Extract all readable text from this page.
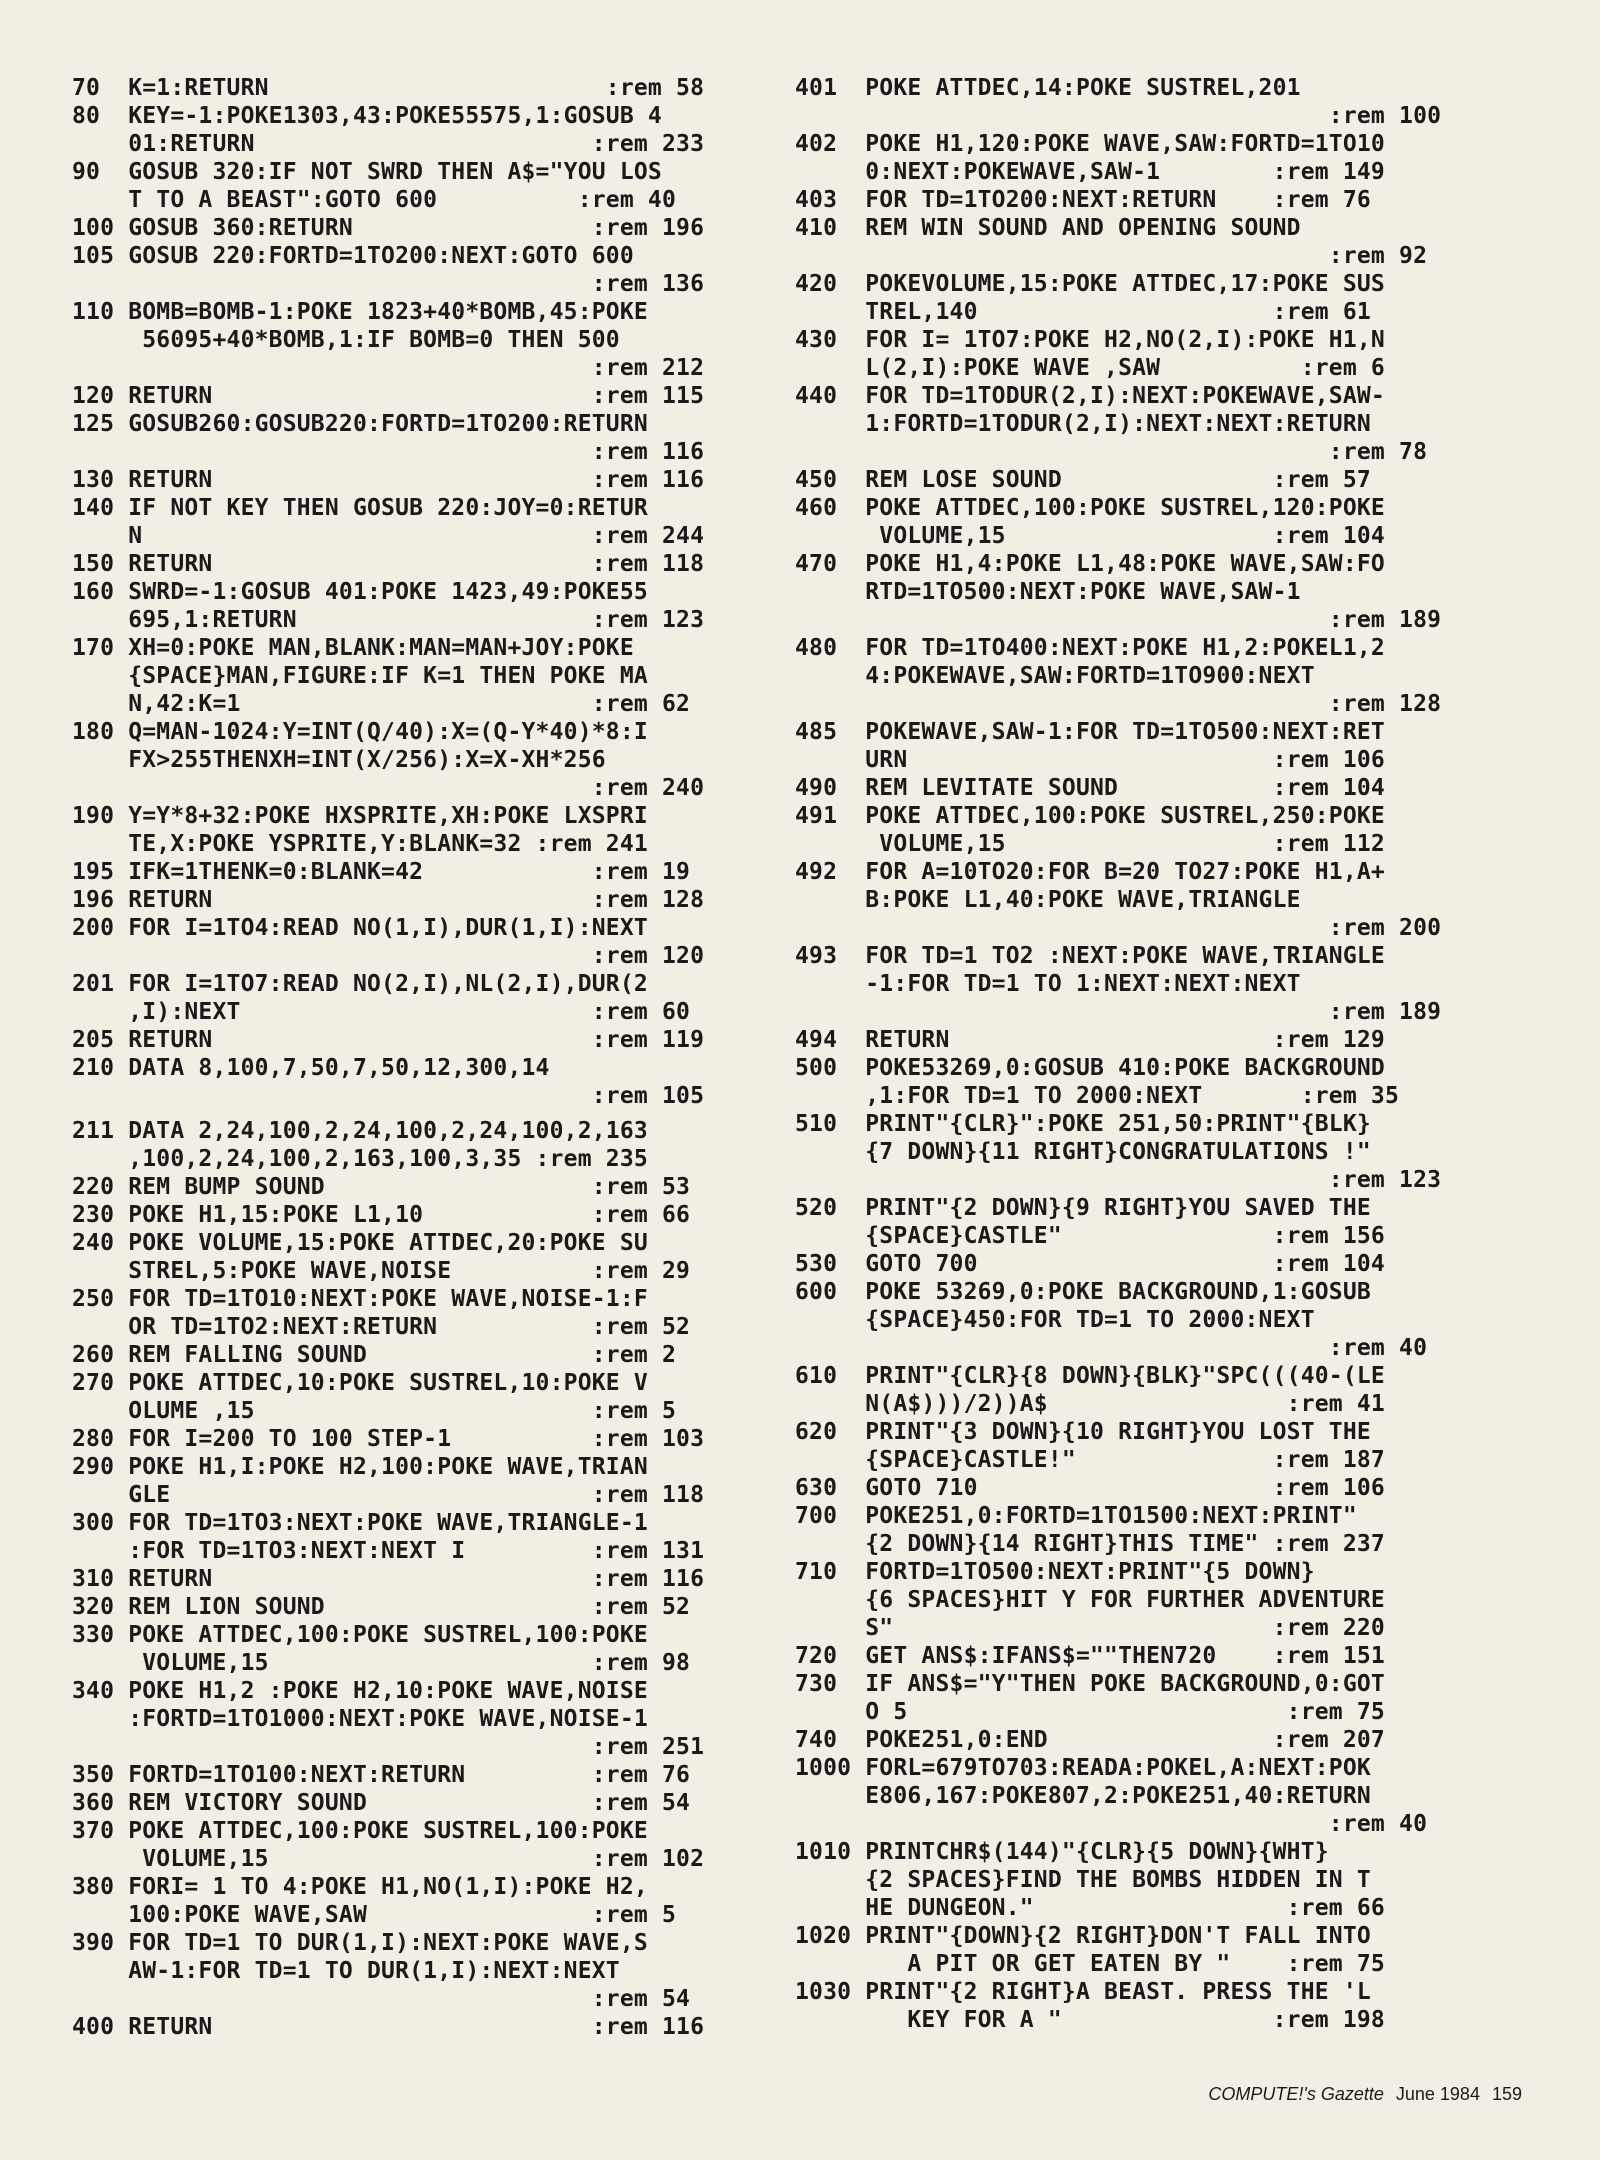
70  K=1:RETURN                        :rem 58
80  KEY=-1:POKE1303,43:POKE55575,1:GOSUB 4
01:RETURN                        :rem 233
90  GOSUB 320:IF NOT SWRD THEN A$="YOU LOS
T TO A BEAST":GOTO 600          :rem 40
100 GOSUB 360:RETURN                 :rem 196
105 GOSUB 220:FORTD=1TO200:NEXT:GOTO 600
:rem 136
110 BOMB=BOMB-1:POKE 1823+40*BOMB,45:POKE
56095+40*BOMB,1:IF BOMB=0 THEN 500
:rem 212
120 RETURN                           :rem 115
125 GOSUB260:GOSUB220:FORTD=1TO200:RETURN
:rem 116
130 RETURN                           :rem 116
140 IF NOT KEY THEN GOSUB 220:JOY=0:RETUR
N                                :rem 244
150 RETURN                           :rem 118
160 SWRD=-1:GOSUB 401:POKE 1423,49:POKE55
695,1:RETURN                     :rem 123
170 XH=0:POKE MAN,BLANK:MAN=MAN+JOY:POKE
{SPACE}MAN,FIGURE:IF K=1 THEN POKE MA
N,42:K=1                         :rem 62
180 Q=MAN-1024:Y=INT(Q/40):X=(Q-Y*40)*8:I
FX>255THENXH=INT(X/256):X=X-XH*256
:rem 240
190 Y=Y*8+32:POKE HXSPRITE,XH:POKE LXSPRI
TE,X:POKE YSPRITE,Y:BLANK=32 :rem 241
195 IFK=1THENK=0:BLANK=42            :rem 19
196 RETURN                           :rem 128
200 FOR I=1TO4:READ NO(1,I),DUR(1,I):NEXT
:rem 120
201 FOR I=1TO7:READ NO(2,I),NL(2,I),DUR(2
,I):NEXT                         :rem 60
205 RETURN                           :rem 119
210 DATA 8,100,7,50,7,50,12,300,14
:rem 105
211 DATA 2,24,100,2,24,100,2,24,100,2,163
,100,2,24,100,2,163,100,3,35 :rem 235
220 REM BUMP SOUND                   :rem 53
230 POKE H1,15:POKE L1,10            :rem 66
240 POKE VOLUME,15:POKE ATTDEC,20:POKE SU
STREL,5:POKE WAVE,NOISE          :rem 29
250 FOR TD=1TO10:NEXT:POKE WAVE,NOISE-1:F
OR TD=1TO2:NEXT:RETURN           :rem 52
260 REM FALLING SOUND                :rem 2
270 POKE ATTDEC,10:POKE SUSTREL,10:POKE V
OLUME ,15                        :rem 5
280 FOR I=200 TO 100 STEP-1          :rem 103
290 POKE H1,I:POKE H2,100:POKE WAVE,TRIAN
GLE                              :rem 118
300 FOR TD=1TO3:NEXT:POKE WAVE,TRIANGLE-1
:FOR TD=1TO3:NEXT:NEXT I         :rem 131
310 RETURN                           :rem 116
320 REM LION SOUND                   :rem 52
330 POKE ATTDEC,100:POKE SUSTREL,100:POKE
VOLUME,15                       :rem 98
340 POKE H1,2 :POKE H2,10:POKE WAVE,NOISE
:FORTD=1TO1000:NEXT:POKE WAVE,NOISE-1
:rem 251
350 FORTD=1TO100:NEXT:RETURN         :rem 76
360 REM VICTORY SOUND                :rem 54
370 POKE ATTDEC,100:POKE SUSTREL,100:POKE
VOLUME,15                       :rem 102
380 FORI= 1 TO 4:POKE H1,NO(1,I):POKE H2,
100:POKE WAVE,SAW                :rem 5
390 FOR TD=1 TO DUR(1,I):NEXT:POKE WAVE,S
AW-1:FOR TD=1 TO DUR(1,I):NEXT:NEXT
:rem 54
400 RETURN                           :rem 116
401  POKE ATTDEC,14:POKE SUSTREL,201
:rem 100
402  POKE H1,120:POKE WAVE,SAW:FORTD=1TO10
0:NEXT:POKEWAVE,SAW-1        :rem 149
403  FOR TD=1TO200:NEXT:RETURN    :rem 76
410  REM WIN SOUND AND OPENING SOUND
:rem 92
420  POKEVOLUME,15:POKE ATTDEC,17:POKE SUS
TREL,140                     :rem 61
430  FOR I= 1TO7:POKE H2,NO(2,I):POKE H1,N
L(2,I):POKE WAVE ,SAW          :rem 6
440  FOR TD=1TODUR(2,I):NEXT:POKEWAVE,SAW-
1:FORTD=1TODUR(2,I):NEXT:NEXT:RETURN
:rem 78
450  REM LOSE SOUND               :rem 57
460  POKE ATTDEC,100:POKE SUSTREL,120:POKE
VOLUME,15                   :rem 104
470  POKE H1,4:POKE L1,48:POKE WAVE,SAW:FO
RTD=1TO500:NEXT:POKE WAVE,SAW-1
:rem 189
480  FOR TD=1TO400:NEXT:POKE H1,2:POKEL1,2
4:POKEWAVE,SAW:FORTD=1TO900:NEXT
:rem 128
485  POKEWAVE,SAW-1:FOR TD=1TO500:NEXT:RET
URN                          :rem 106
490  REM LEVITATE SOUND           :rem 104
491  POKE ATTDEC,100:POKE SUSTREL,250:POKE
VOLUME,15                   :rem 112
492  FOR A=10TO20:FOR B=20 TO27:POKE H1,A+
B:POKE L1,40:POKE WAVE,TRIANGLE
:rem 200
493  FOR TD=1 TO2 :NEXT:POKE WAVE,TRIANGLE
-1:FOR TD=1 TO 1:NEXT:NEXT:NEXT
:rem 189
494  RETURN                       :rem 129
500  POKE53269,0:GOSUB 410:POKE BACKGROUND
,1:FOR TD=1 TO 2000:NEXT       :rem 35
510  PRINT"{CLR}":POKE 251,50:PRINT"{BLK}
{7 DOWN}{11 RIGHT}CONGRATULATIONS !"
:rem 123
520  PRINT"{2 DOWN}{9 RIGHT}YOU SAVED THE
{SPACE}CASTLE"               :rem 156
530  GOTO 700                     :rem 104
600  POKE 53269,0:POKE BACKGROUND,1:GOSUB
{SPACE}450:FOR TD=1 TO 2000:NEXT
:rem 40
610  PRINT"{CLR}{8 DOWN}{BLK}"SPC(((40-(LE
N(A$)))/2))A$                 :rem 41
620  PRINT"{3 DOWN}{10 RIGHT}YOU LOST THE
{SPACE}CASTLE!"              :rem 187
630  GOTO 710                     :rem 106
700  POKE251,0:FORTD=1TO1500:NEXT:PRINT"
{2 DOWN}{14 RIGHT}THIS TIME" :rem 237
710  FORTD=1TO500:NEXT:PRINT"{5 DOWN}
{6 SPACES}HIT Y FOR FURTHER ADVENTURE
S"                           :rem 220
720  GET ANS$:IFANS$=""THEN720    :rem 151
730  IF ANS$="Y"THEN POKE BACKGROUND,0:GOT
O 5                           :rem 75
740  POKE251,0:END                :rem 207
1000 FORL=679TO703:READA:POKEL,A:NEXT:POK
E806,167:POKE807,2:POKE251,40:RETURN
:rem 40
1010 PRINTCHR$(144)"{CLR}{5 DOWN}{WHT}
{2 SPACES}FIND THE BOMBS HIDDEN IN T
HE DUNGEON."                  :rem 66
1020 PRINT"{DOWN}{2 RIGHT}DON'T FALL INTO
A PIT OR GET EATEN BY "    :rem 75
1030 PRINT"{2 RIGHT}A BEAST. PRESS THE 'L
KEY FOR A "               :rem 198
COMPUTE!'s Gazette June 1984 159
